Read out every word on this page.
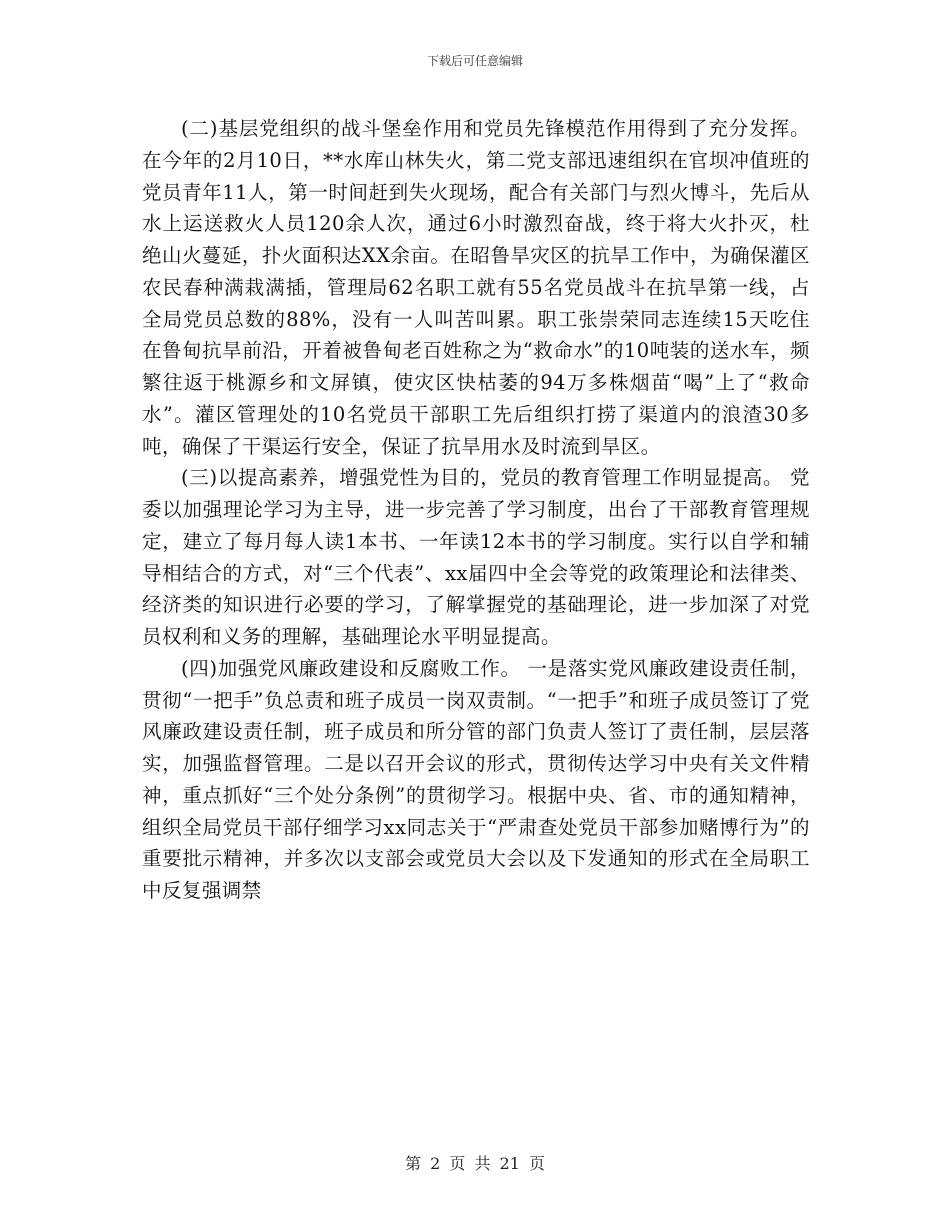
下载后可任意编辑

(二)基层党组织的战斗堡垒作用和党员先锋模范作用得到了充分发挥。 在今年的2月10日，**水库山林失火，第二党支部迅速组织在官坝冲值班的党员青年11人，第一时间赶到失火现场，配合有关部门与烈火博斗，先后从水上运送救火人员120余人次，通过6小时激烈奋战，终于将大火扑灭，杜绝山火蔓延，扑火面积达XX余亩。在昭鲁旱灾区的抗旱工作中，为确保灌区农民春种满栽满插，管理局62名职工就有55名党员战斗在抗旱第一线，占全局党员总数的88%，没有一人叫苦叫累。职工张崇荣同志连续15天吃住在鲁甸抗旱前沿，开着被鲁甸老百姓称之为“救命水”的10吨装的送水车，频繁往返于桃源乡和文屏镇，使灾区快枯萎的94万多株烟苗“喝”上了“救命水”。灌区管理处的10名党员干部职工先后组织打捞了渠道内的浪渣30多吨，确保了干渠运行安全，保证了抗旱用水及时流到旱区。

(三)以提高素养，增强党性为目的，党员的教育管理工作明显提高。 党委以加强理论学习为主导，进一步完善了学习制度，出台了干部教育管理规定，建立了每月每人读1本书、一年读12本书的学习制度。实行以自学和辅导相结合的方式，对“三个代表”、xx届四中全会等党的政策理论和法律类、经济类的知识进行必要的学习，了解掌握党的基础理论，进一步加深了对党员权利和义务的理解，基础理论水平明显提高。

(四)加强党风廉政建设和反腐败工作。 一是落实党风廉政建设责任制，贯彻“一把手”负总责和班子成员一岗双责制。“一把手”和班子成员签订了党风廉政建设责任制，班子成员和所分管的部门负责人签订了责任制，层层落实，加强监督管理。二是以召开会议的形式，贯彻传达学习中央有关文件精神，重点抓好“三个处分条例”的贯彻学习。根据中央、省、市的通知精神，组织全局党员干部仔细学习xx同志关于“严肃查处党员干部参加赌博行为”的重要批示精神，并多次以支部会或党员大会以及下发通知的形式在全局职工中反复强调禁

第 2 页 共 21 页
